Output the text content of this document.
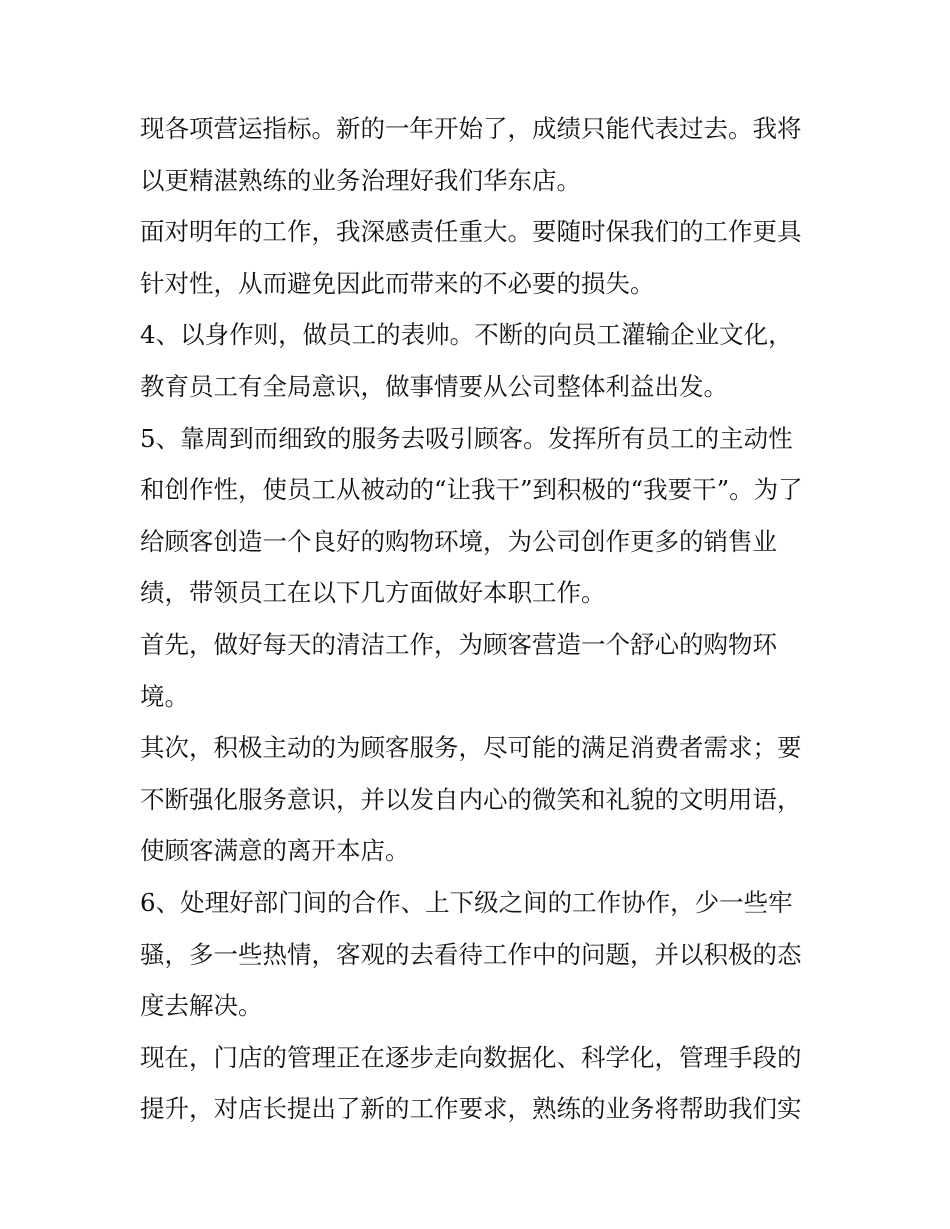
现各项营运指标。新的一年开始了，成绩只能代表过去。我将
以更精湛熟练的业务治理好我们华东店。
面对明年的工作，我深感责任重大。要随时保我们的工作更具
针对性，从而避免因此而带来的不必要的损失。
4、以身作则，做员工的表帅。不断的向员工灌输企业文化，
教育员工有全局意识，做事情要从公司整体利益出发。
5、靠周到而细致的服务去吸引顾客。发挥所有员工的主动性
和创作性，使员工从被动的“让我干”到积极的“我要干”。为了
给顾客创造一个良好的购物环境，为公司创作更多的销售业
绩，带领员工在以下几方面做好本职工作。
首先，做好每天的清洁工作，为顾客营造一个舒心的购物环
境。
其次，积极主动的为顾客服务，尽可能的满足消费者需求；要
不断强化服务意识，并以发自内心的微笑和礼貌的文明用语，
使顾客满意的离开本店。
6、处理好部门间的合作、上下级之间的工作协作，少一些牢
骚，多一些热情，客观的去看待工作中的问题，并以积极的态
度去解决。
现在，门店的管理正在逐步走向数据化、科学化，管理手段的
提升，对店长提出了新的工作要求，熟练的业务将帮助我们实
